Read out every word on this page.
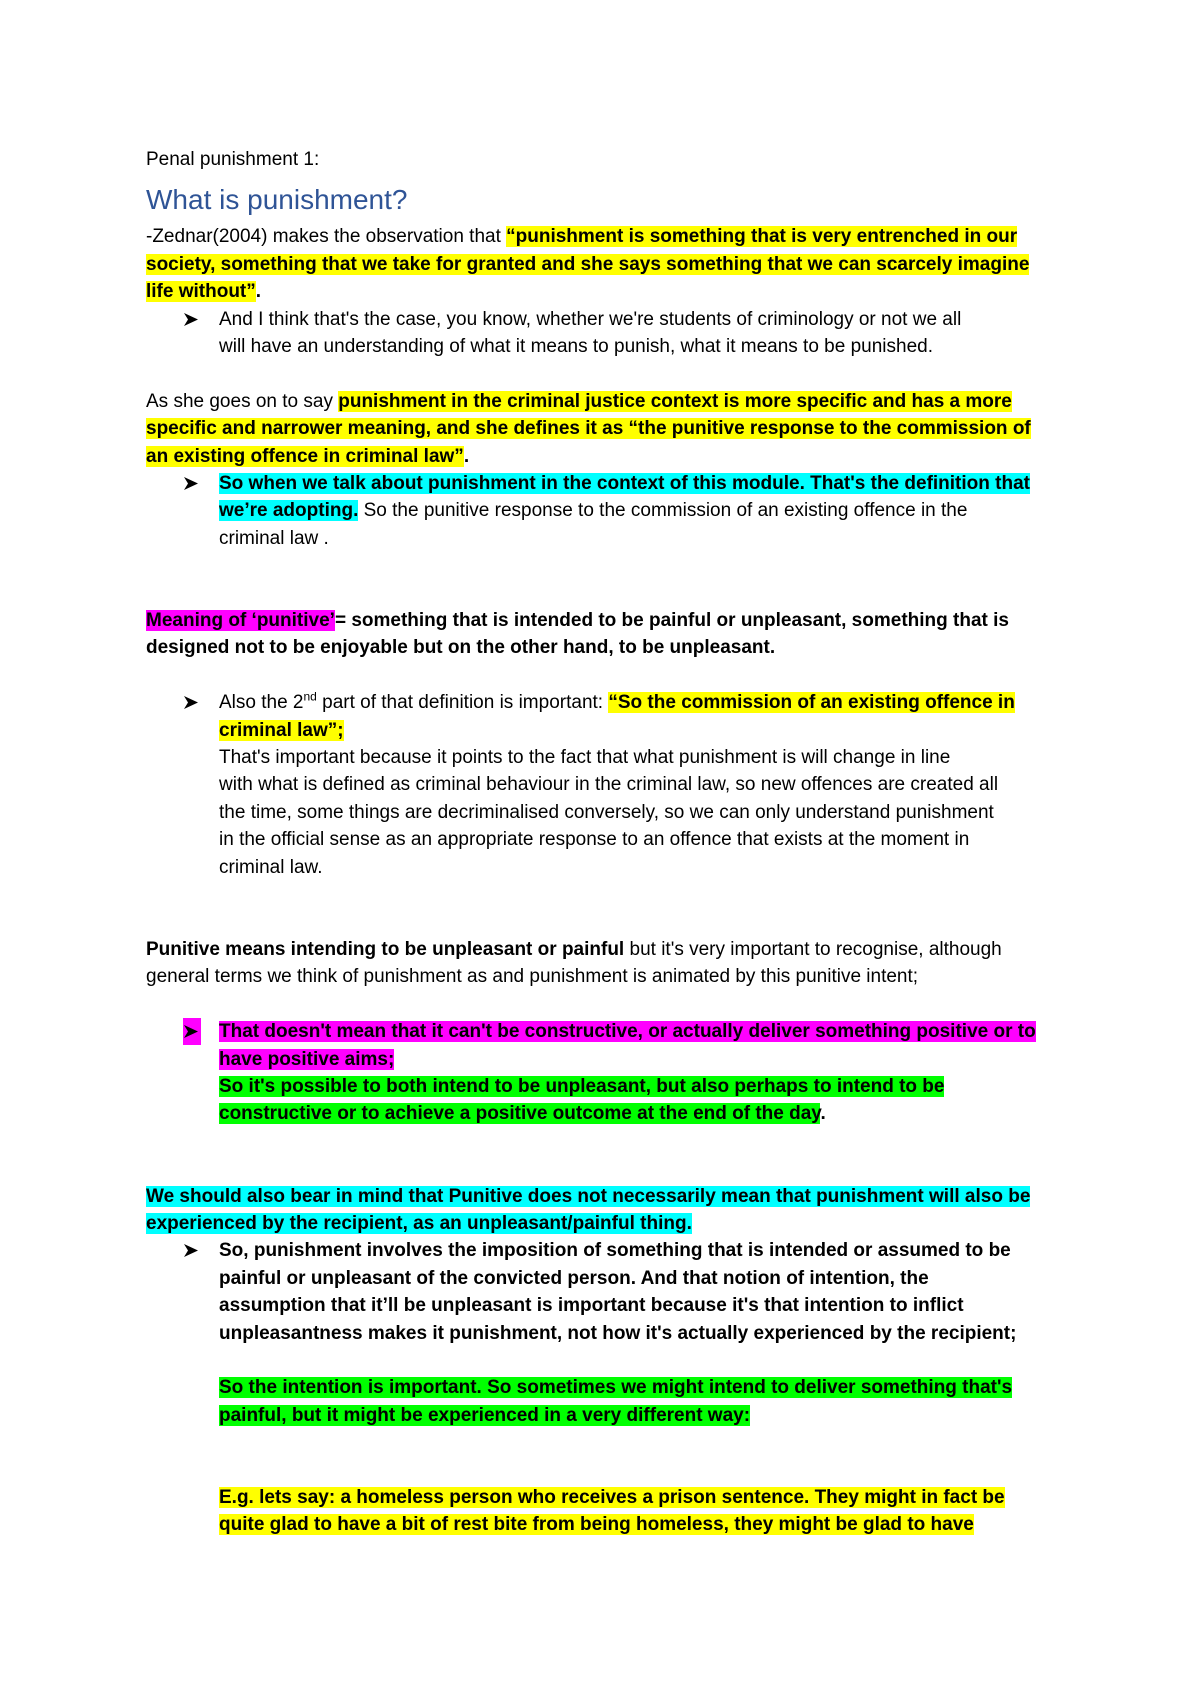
Penal punishment 1:
What is punishment?
-Zednar(2004) makes the observation that “punishment is something that is very entrenched in our
society, something that we take for granted and she says something that we can scarcely imagine
life without”.
And I think that's the case, you know, whether we're students of criminology or not we all
will have an understanding of what it means to punish, what it means to be punished.
As she goes on to say punishment in the criminal justice context is more specific and has a more
specific and narrower meaning, and she defines it as “the punitive response to the commission of
an existing offence in criminal law”.
So when we talk about punishment in the context of this module. That's the definition that
we’re adopting. So the punitive response to the commission of an existing offence in the
criminal law .
Meaning of ‘punitive’= something that is intended to be painful or unpleasant, something that is
designed not to be enjoyable but on the other hand, to be unpleasant.
Also the 2nd part of that definition is important: “So the commission of an existing offence in
criminal law”;
That's important because it points to the fact that what punishment is will change in line
with what is defined as criminal behaviour in the criminal law, so new offences are created all
the time, some things are decriminalised conversely, so we can only understand punishment
in the official sense as an appropriate response to an offence that exists at the moment in
criminal law.
Punitive means intending to be unpleasant or painful but it's very important to recognise, although
general terms we think of punishment as and punishment is animated by this punitive intent;
That doesn't mean that it can't be constructive, or actually deliver something positive or to
have positive aims;
So it's possible to both intend to be unpleasant, but also perhaps to intend to be
constructive or to achieve a positive outcome at the end of the day.
We should also bear in mind that Punitive does not necessarily mean that punishment will also be
experienced by the recipient, as an unpleasant/painful thing.
So, punishment involves the imposition of something that is intended or assumed to be
painful or unpleasant of the convicted person. And that notion of intention, the
assumption that it’ll be unpleasant is important because it's that intention to inflict
unpleasantness makes it punishment, not how it's actually experienced by the recipient;
So the intention is important. So sometimes we might intend to deliver something that's
painful, but it might be experienced in a very different way:
E.g. lets say: a homeless person who receives a prison sentence. They might in fact be
quite glad to have a bit of rest bite from being homeless, they might be glad to have
